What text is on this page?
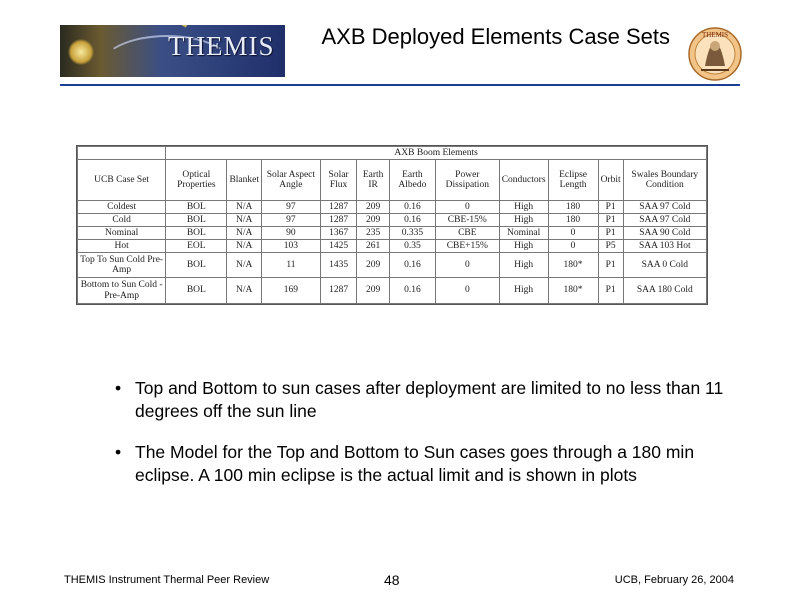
THEMIS	AXB Deployed Elements Case Sets	THEMIS
	AXB Boom Elements										
UCB Case Set	Optical Properties	Blanket	Solar Aspect Angle	Solar Flux	Earth IR	Earth Albedo	Power Dissipation	Conductors	Eclipse Length	Orbit	Swales Boundary Condition
Coldest	BOL	N/A	97	1287	209	0.16	0	High	180	P1	SAA 97 Cold
Cold	BOL	N/A	97	1287	209	0.16	CBE-15%	High	180	P1	SAA 97 Cold
Nominal	BOL	N/A	90	1367	235	0.335	CBE	Nominal	0	P1	SAA 90 Cold
Hot	EOL	N/A	103	1425	261	0.35	CBE+15%	High	0	P5	SAA 103 Hot
Top To Sun Cold Pre-Amp	BOL	N/A	11	1435	209	0.16	0	High	180*	P1	SAA 0 Cold
Bottom to Sun Cold - Pre-Amp	BOL	N/A	169	1287	209	0.16	0	High	180*	P1	SAA 180 Cold
• Top and Bottom to sun cases after deployment are limited to no less than 11 degrees off the sun line
• The Model for the Top and Bottom to Sun cases goes through a 180 min eclipse. A 100 min eclipse is the actual limit and is shown in plots
THEMIS Instrument Thermal Peer Review	48	UCB, February 26, 2004
